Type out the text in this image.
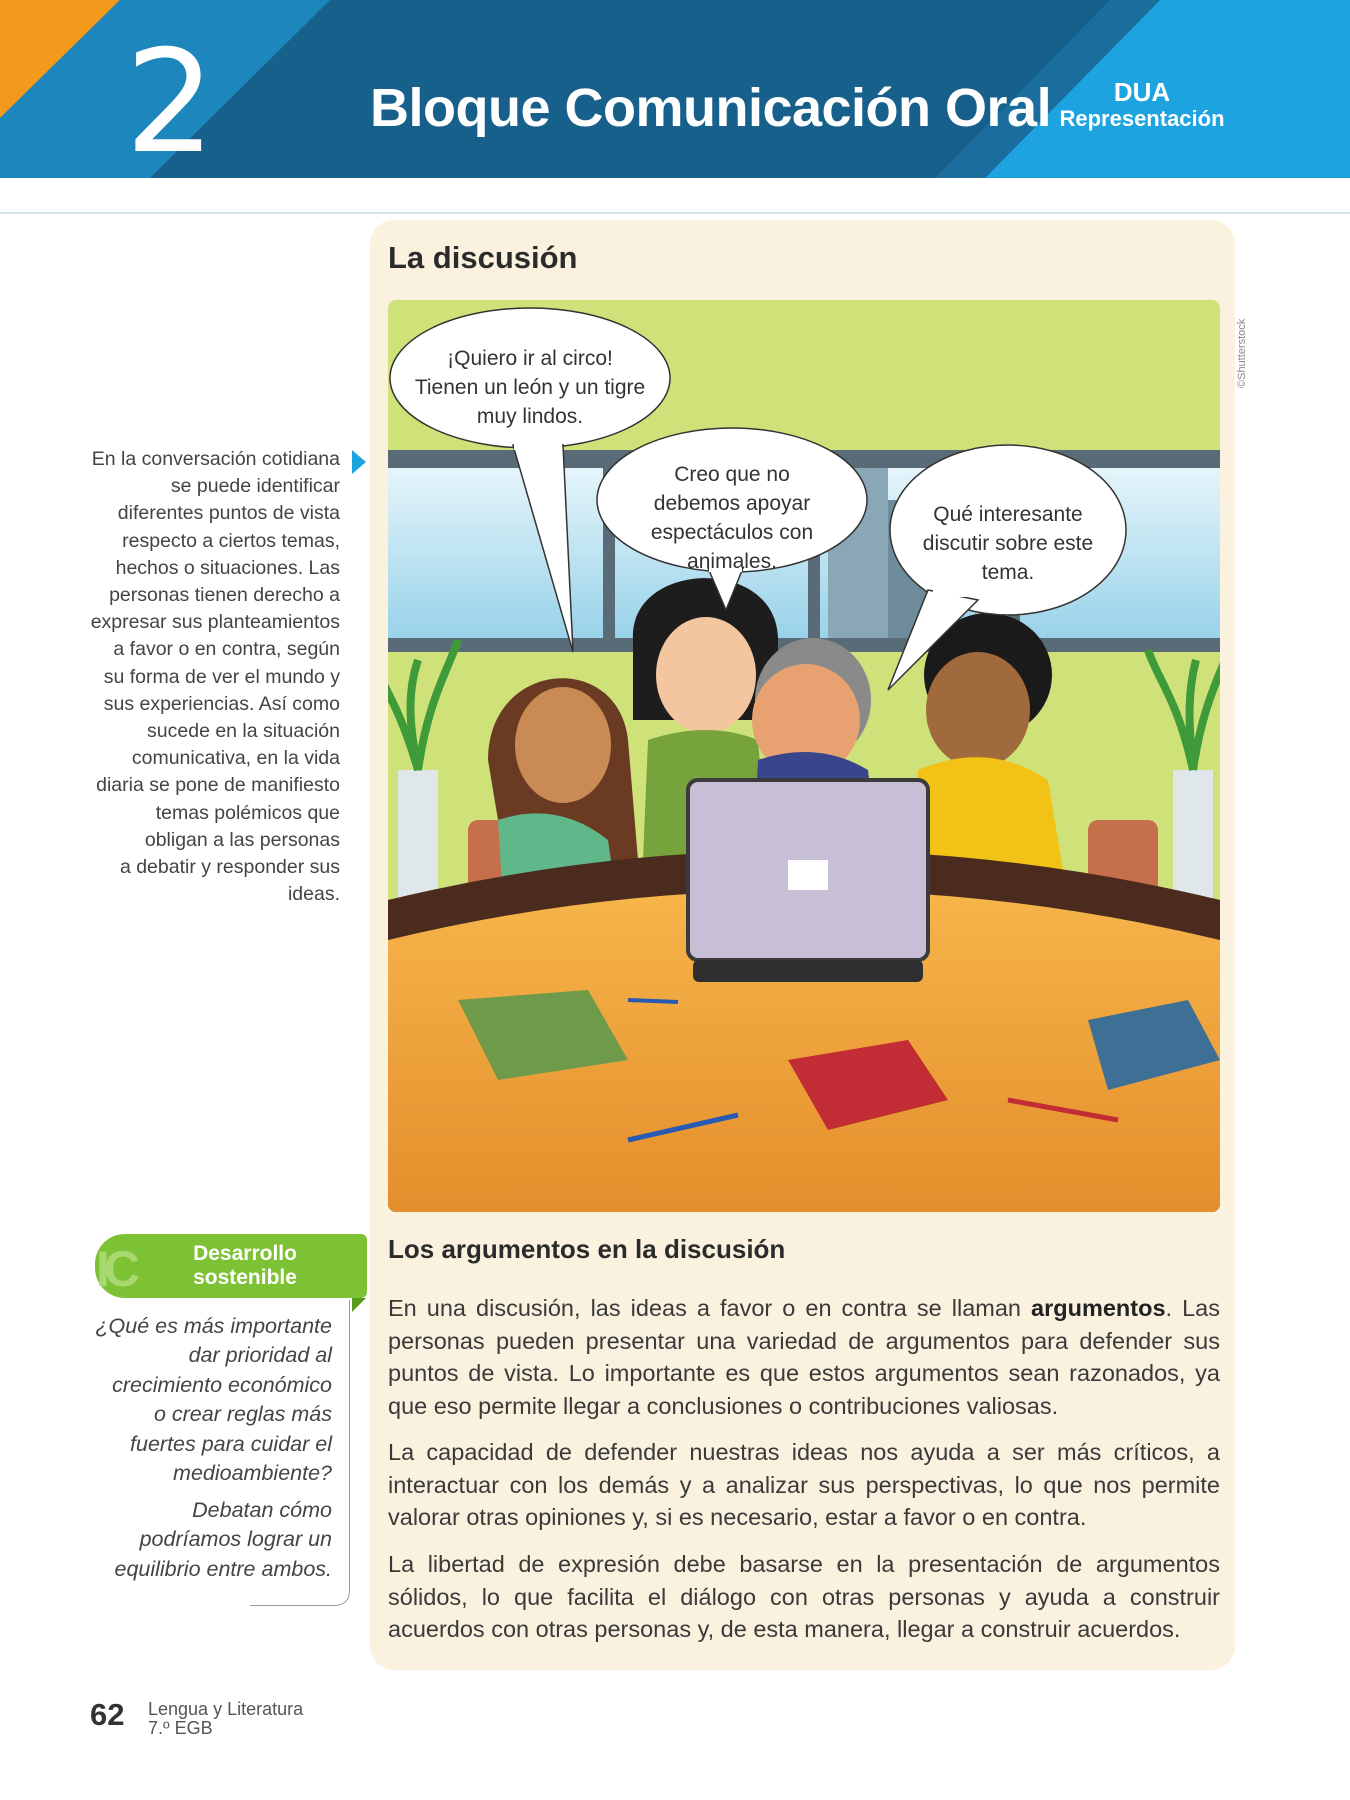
2	Bloque Comunicación Oral	DUA
Representación
La discusión
©Shutterstock
¡Quiero ir al circo!
Tienen un león y un tigre
muy lindos.
Creo que no
debemos apoyar
espectáculos con
animales.
Qué interesante
discutir sobre este
tema.
Los argumentos en la discusión

En una discusión, las ideas a favor o en contra se llaman argumentos. Las personas pueden presentar una variedad de argumentos para defender sus puntos de vista. Lo importante es que estos argumentos sean razonados, ya que eso permite llegar a conclusiones o contribuciones valiosas.

La capacidad de defender nuestras ideas nos ayuda a ser más críticos, a interactuar con los demás y a analizar sus perspectivas, lo que nos permite valorar otras opiniones y, si es necesario, estar a favor o en contra.

La libertad de expresión debe basarse en la presentación de argumentos sólidos, lo que facilita el diálogo con otras personas y ayuda a construir acuerdos con otras personas y, de esta manera, llegar a construir acuerdos.

En la conversación cotidiana
se puede identificar
diferentes puntos de vista
respecto a ciertos temas,
hechos o situaciones. Las
personas tienen derecho a
expresar sus planteamientos
a favor o en contra, según
su forma de ver el mundo y
sus experiencias. Así como
sucede en la situación
comunicativa, en la vida
diaria se pone de manifiesto
temas polémicos que
obligan a las personas
a debatir y responder sus
ideas.
IC	Desarrollo
sostenible
¿Qué es más importante
dar prioridad al
crecimiento económico
o crear reglas más
fuertes para cuidar el
medioambiente?
Debatan cómo
podríamos lograr un
equilibrio entre ambos.
62 Lengua y Literatura
7.º EGB
